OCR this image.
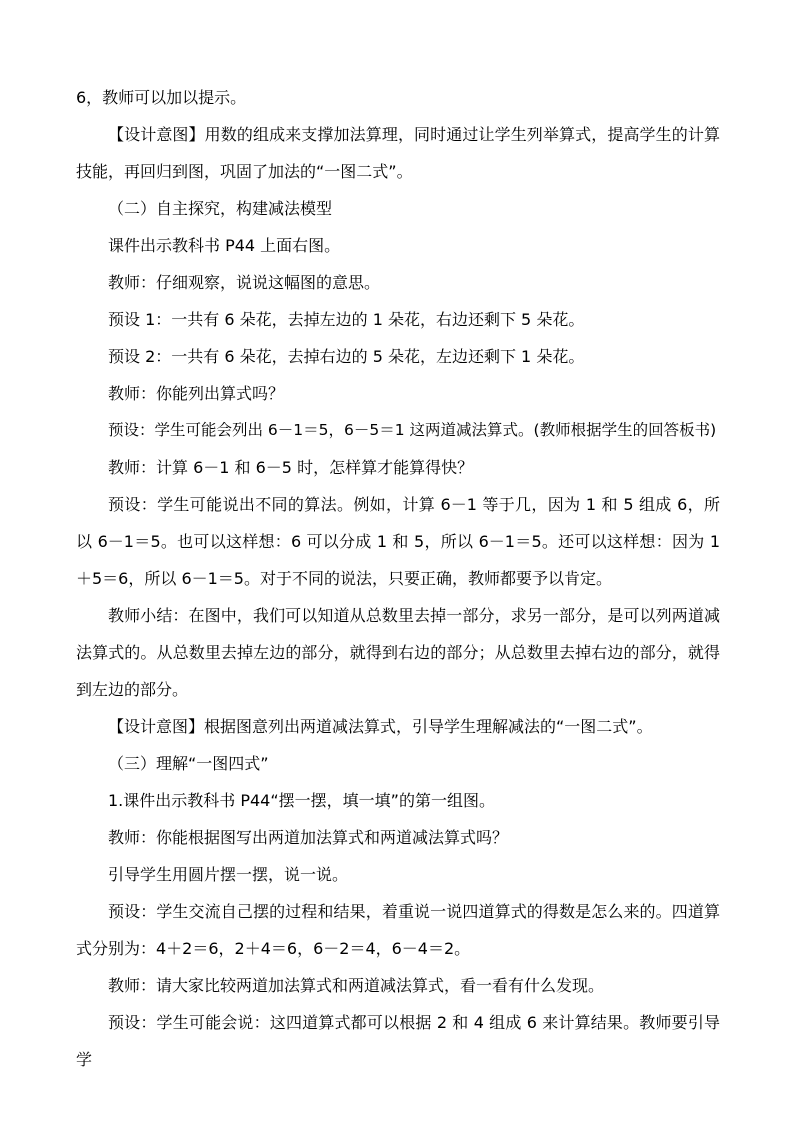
6，教师可以加以提示。

【设计意图】用数的组成来支撑加法算理，同时通过让学生列举算式，提高学生的计算技能，再回归到图，巩固了加法的“一图二式”。

（二）自主探究，构建减法模型

课件出示教科书 P44 上面右图。

教师：仔细观察，说说这幅图的意思。

预设 1：一共有 6 朵花，去掉左边的 1 朵花，右边还剩下 5 朵花。

预设 2：一共有 6 朵花，去掉右边的 5 朵花，左边还剩下 1 朵花。

教师：你能列出算式吗？

预设：学生可能会列出 6－1＝5，6－5＝1 这两道减法算式。(教师根据学生的回答板书)

教师：计算 6－1 和 6－5 时，怎样算才能算得快？

预设：学生可能说出不同的算法。例如，计算 6－1 等于几，因为 1 和 5 组成 6，所以 6－1＝5。也可以这样想：6 可以分成 1 和 5，所以 6－1＝5。还可以这样想：因为 1＋5＝6，所以 6－1＝5。对于不同的说法，只要正确，教师都要予以肯定。

教师小结：在图中，我们可以知道从总数里去掉一部分，求另一部分，是可以列两道减法算式的。从总数里去掉左边的部分，就得到右边的部分；从总数里去掉右边的部分，就得到左边的部分。

【设计意图】根据图意列出两道减法算式，引导学生理解减法的“一图二式”。

（三）理解“一图四式”

1.课件出示教科书 P44“摆一摆，填一填”的第一组图。

教师：你能根据图写出两道加法算式和两道减法算式吗？

引导学生用圆片摆一摆，说一说。

预设：学生交流自己摆的过程和结果，着重说一说四道算式的得数是怎么来的。四道算式分别为：4＋2＝6，2＋4＝6，6－2＝4，6－4＝2。

教师：请大家比较两道加法算式和两道减法算式，看一看有什么发现。

预设：学生可能会说：这四道算式都可以根据 2 和 4 组成 6 来计算结果。教师要引导学
